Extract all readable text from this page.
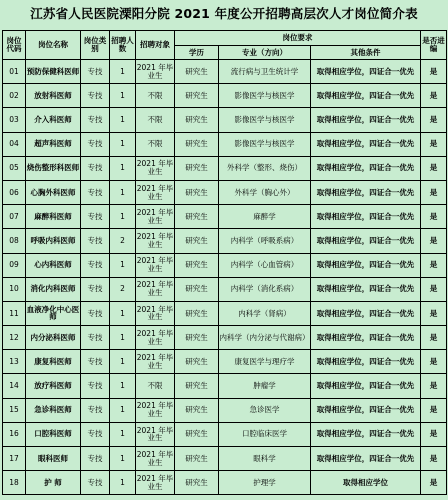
江苏省人民医院溧阳分院 2021 年度公开招聘高层次人才岗位简介表
岗位代码	岗位名称	岗位类别	招聘人数	招聘对象	岗位要求			是否进编
					学历	专业（方向）	其他条件	
01	预防保健科医师	专技	1	2021 年毕业生	研究生	流行病与卫生统计学	取得相应学位，四证合一优先	是
02	放射科医师	专技	1	不限	研究生	影像医学与核医学	取得相应学位，四证合一优先	是
03	介入科医师	专技	1	不限	研究生	影像医学与核医学	取得相应学位，四证合一优先	是
04	超声科医师	专技	1	不限	研究生	影像医学与核医学	取得相应学位，四证合一优先	是
05	烧伤整形科医师	专技	1	2021 年毕业生	研究生	外科学（整形、烧伤）	取得相应学位，四证合一优先	是
06	心胸外科医师	专技	1	2021 年毕业生	研究生	外科学（胸心外）	取得相应学位，四证合一优先	是
07	麻醉科医师	专技	1	2021 年毕业生	研究生	麻醉学	取得相应学位，四证合一优先	是
08	呼吸内科医师	专技	2	2021 年毕业生	研究生	内科学（呼吸系病）	取得相应学位，四证合一优先	是
09	心内科医师	专技	1	2021 年毕业生	研究生	内科学（心血管病）	取得相应学位，四证合一优先	是
10	消化内科医师	专技	2	2021 年毕业生	研究生	内科学（消化系病）	取得相应学位，四证合一优先	是
11	血液净化中心医师	专技	1	2021 年毕业生	研究生	内科学（肾病）	取得相应学位，四证合一优先	是
12	内分泌科医师	专技	1	2021 年毕业生	研究生	内科学（内分泌与代谢病）	取得相应学位，四证合一优先	是
13	康复科医师	专技	1	2021 年毕业生	研究生	康复医学与理疗学	取得相应学位，四证合一优先	是
14	放疗科医师	专技	1	不限	研究生	肿瘤学	取得相应学位，四证合一优先	是
15	急诊科医师	专技	1	2021 年毕业生	研究生	急诊医学	取得相应学位，四证合一优先	是
16	口腔科医师	专技	1	2021 年毕业生	研究生	口腔临床医学	取得相应学位，四证合一优先	是
17	眼科医师	专技	1	2021 年毕业生	研究生	眼科学	取得相应学位，四证合一优先	是
18	护 师	专技	1	2021 年毕业生	研究生	护理学	取得相应学位	是
